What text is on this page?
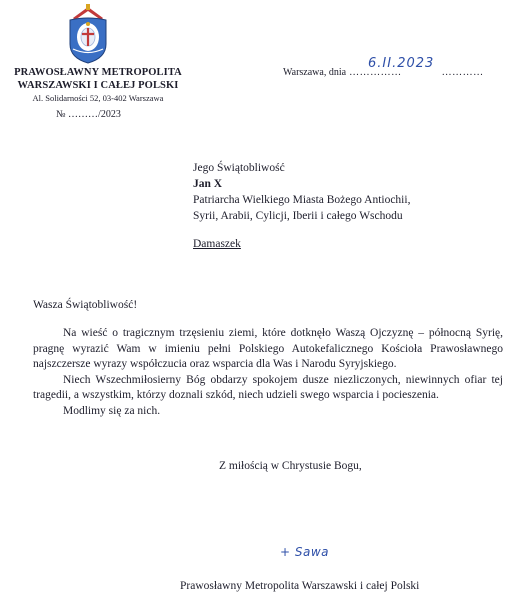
PRAWOSŁAWNY METROPOLITA
WARSZAWSKI I CAŁEJ POLSKI
Al. Solidarności 52, 03-402 Warszawa
№ ………/2023
Warszawa, dnia ……………	…………
6.II.2023
Jego Świątobliwość
Jan X
Patriarcha Wielkiego Miasta Bożego Antiochii,
Syrii, Arabii, Cylicji, Iberii i całego Wschodu
Damaszek
Wasza Świątobliwość!

Na wieść o tragicznym trzęsieniu ziemi, które dotknęło Waszą Ojczyznę – północną Syrię, pragnę wyrazić Wam w imieniu pełni Polskiego Autokefalicznego Kościoła Prawosławnego najszczersze wyrazy współczucia oraz wsparcia dla Was i Narodu Syryjskiego.

Niech Wszechmiłosierny Bóg obdarzy spokojem dusze niezliczonych, niewinnych ofiar tej tragedii, a wszystkim, którzy doznali szkód, niech udzieli swego wsparcia i pocieszenia.

Modlimy się za nich.

Z miłością w Chrystusie Bogu,
+ Sawa
Prawosławny Metropolita Warszawski i całej Polski
